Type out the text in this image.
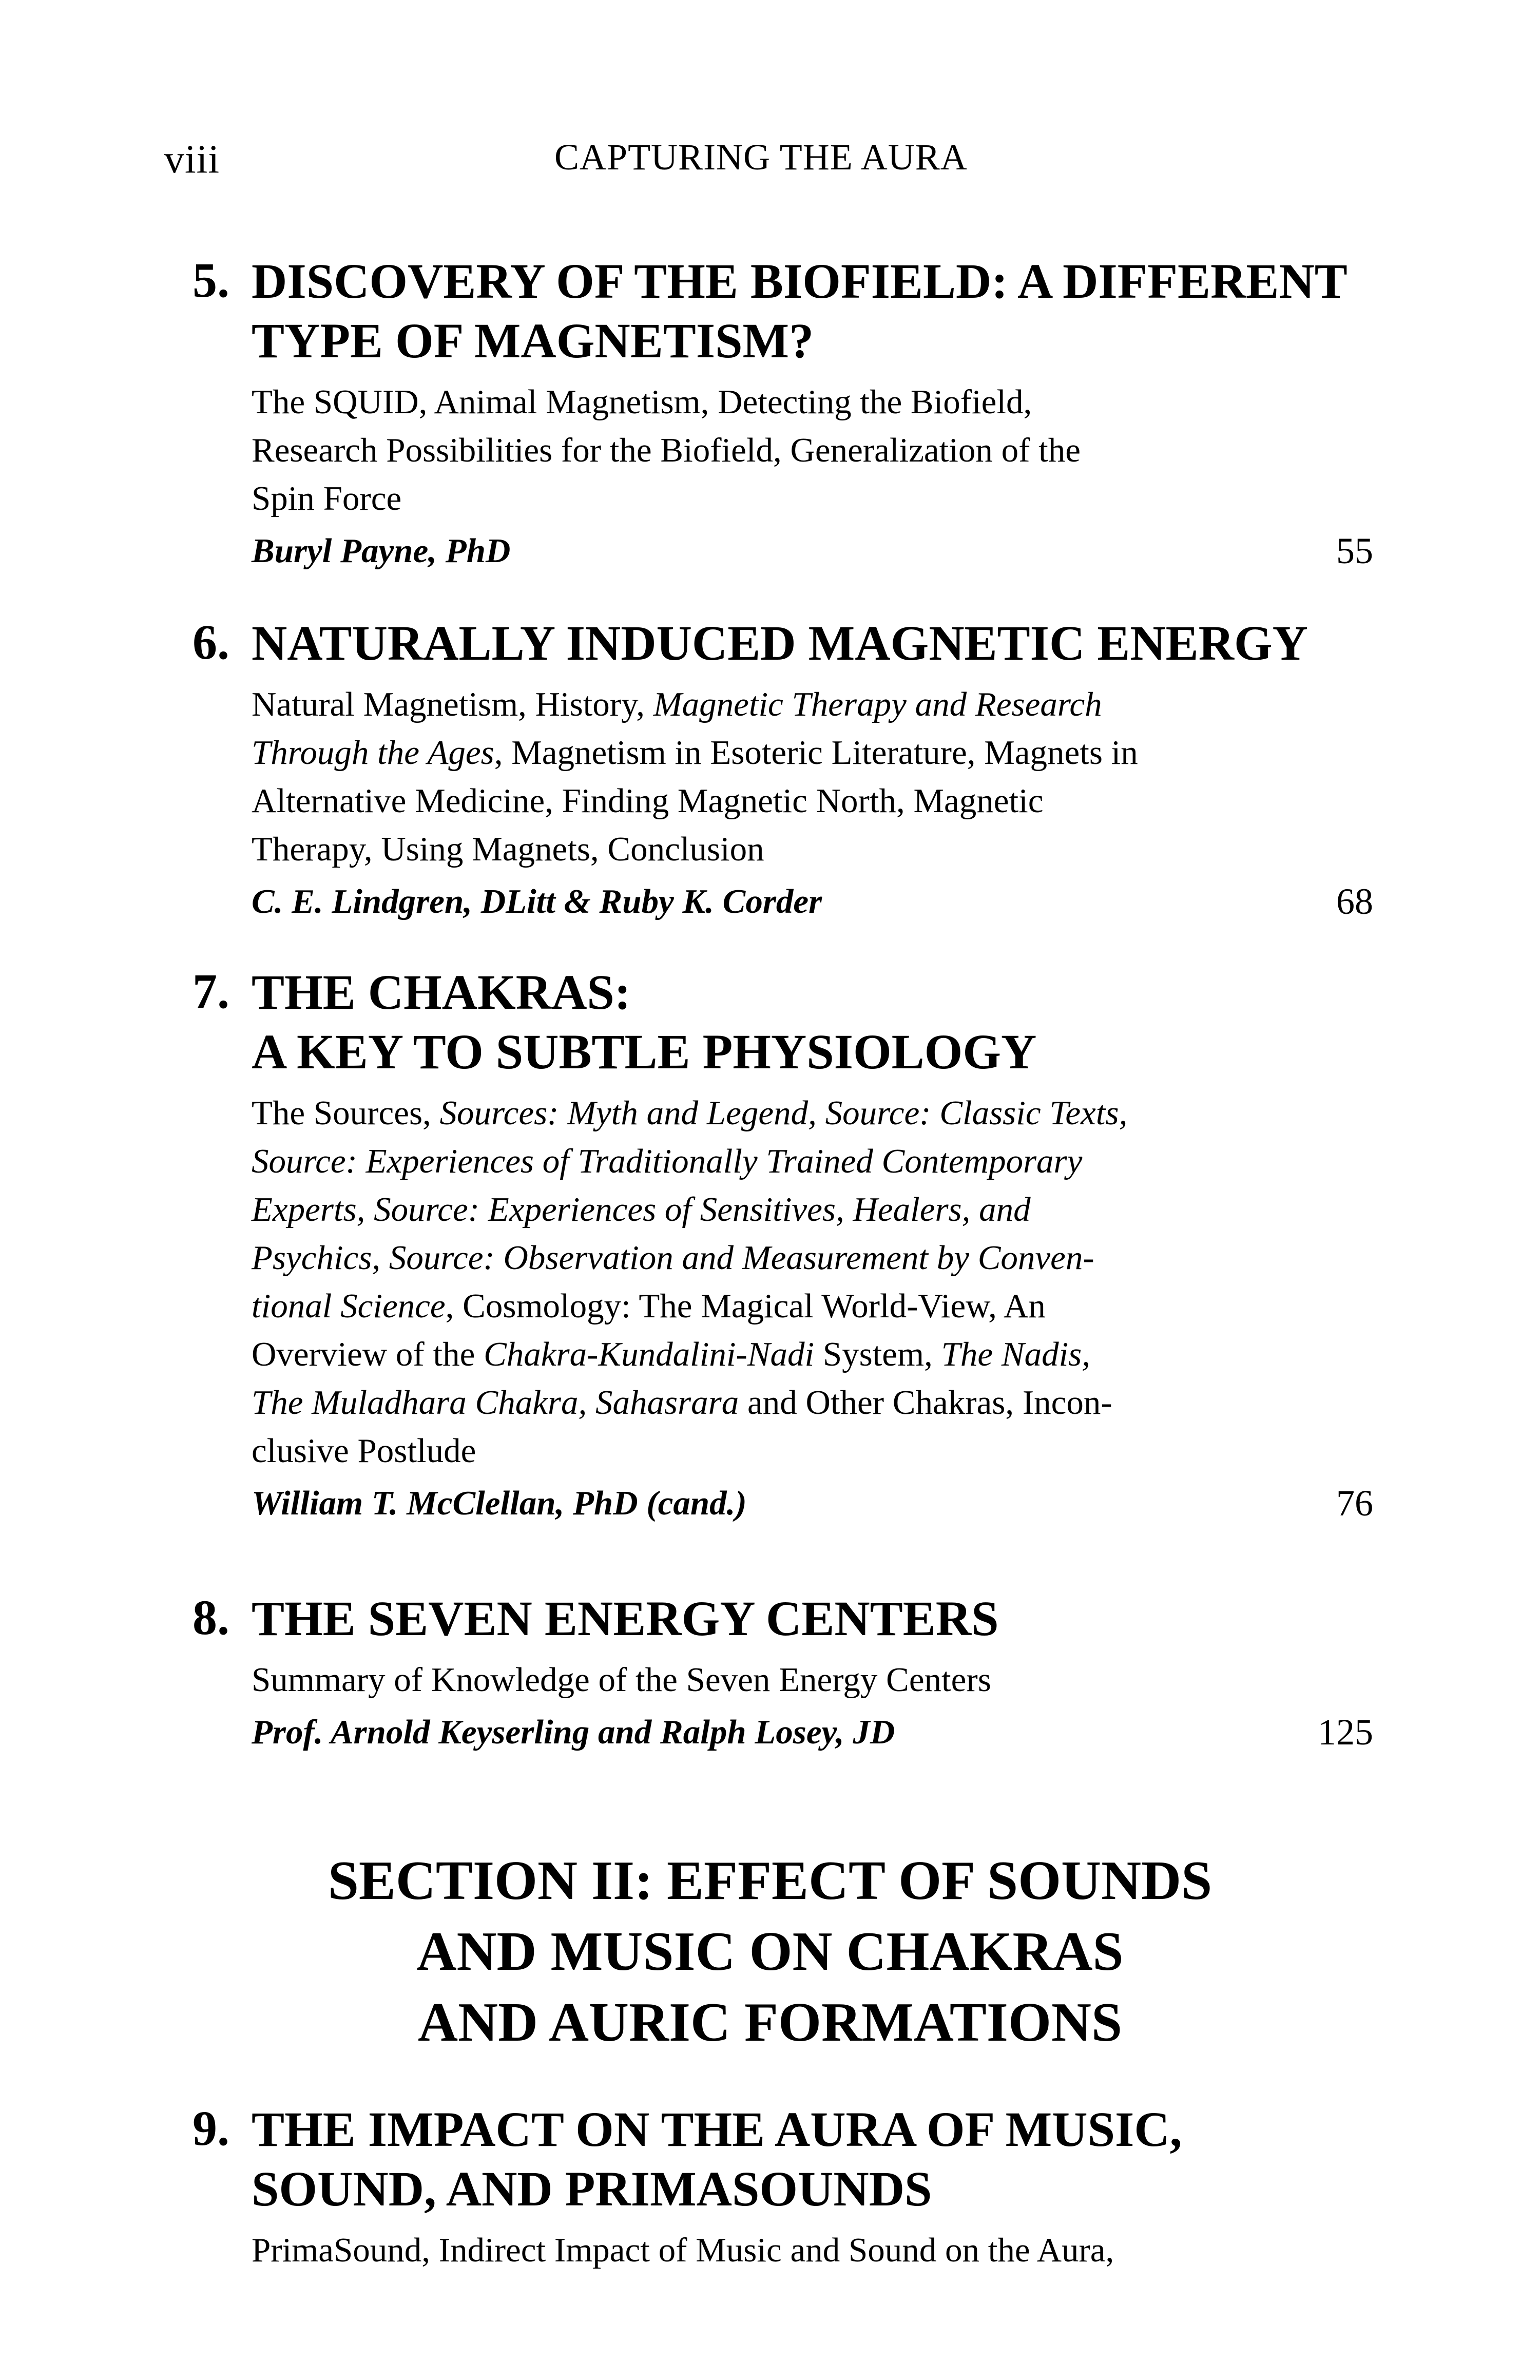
viii	CAPTURING THE AURA
5. DISCOVERY OF THE BIOFIELD: A DIFFERENT
TYPE OF MAGNETISM?
The SQUID, Animal Magnetism, Detecting the Biofield,
Research Possibilities for the Biofield, Generalization of the
Spin Force
Buryl Payne, PhD	55
6. NATURALLY INDUCED MAGNETIC ENERGY
Natural Magnetism, History, Magnetic Therapy and Research
Through the Ages, Magnetism in Esoteric Literature, Magnets in
Alternative Medicine, Finding Magnetic North, Magnetic
Therapy, Using Magnets, Conclusion
C. E. Lindgren, DLitt & Ruby K. Corder	68
7. THE CHAKRAS:
A KEY TO SUBTLE PHYSIOLOGY
The Sources, Sources: Myth and Legend, Source: Classic Texts,
Source: Experiences of Traditionally Trained Contemporary
Experts, Source: Experiences of Sensitives, Healers, and
Psychics, Source: Observation and Measurement by Conven-
tional Science, Cosmology: The Magical World-View, An
Overview of the Chakra-Kundalini-Nadi System, The Nadis,
The Muladhara Chakra, Sahasrara and Other Chakras, Incon-
clusive Postlude
William T. McClellan, PhD (cand.)	76
8. THE SEVEN ENERGY CENTERS
Summary of Knowledge of the Seven Energy Centers
Prof. Arnold Keyserling and Ralph Losey, JD	125
SECTION II: EFFECT OF SOUNDS
AND MUSIC ON CHAKRAS
AND AURIC FORMATIONS
9. THE IMPACT ON THE AURA OF MUSIC,
SOUND, AND PRIMASOUNDS
PrimaSound, Indirect Impact of Music and Sound on the Aura,
